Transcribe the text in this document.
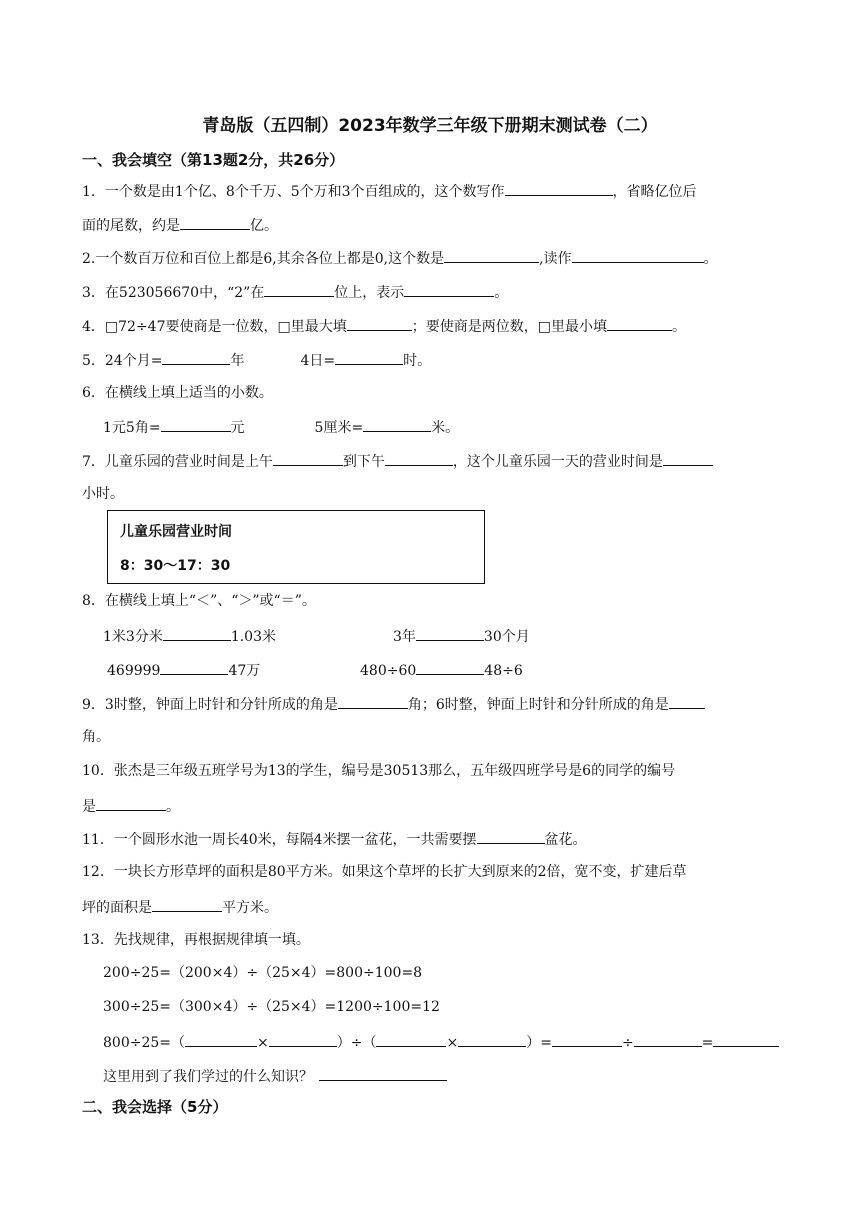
青岛版（五四制）2023年数学三年级下册期末测试卷（二）
一、我会填空（第13题2分，共26分）
1．一个数是由1个亿、8个千万、5个万和3个百组成的，这个数写作	，省略亿位后
面的尾数，约是	亿。
2.一个数百万位和百位上都是6,其余各位上都是0,这个数是	,读作	。
3．在523056670中，“2”在	位上，表示	。
4．□72÷47要使商是一位数，□里最大填	；要使商是两位数，□里最小填	。
5．24个月=	年	4日=	时。
6．在横线上填上适当的小数。
1元5角=	元	5厘米=	米。
7．儿童乐园的营业时间是上午	到下午	，这个儿童乐园一天的营业时间是
小时。
儿童乐园营业时间
8：30～17：30
8．在横线上填上“＜”、“＞”或“＝”。
1米3分米	1.03米	3年	30个月
469999	47万	480÷60	48÷6
9．3时整，钟面上时针和分针所成的角是	角；6时整，钟面上时针和分针所成的角是
角。
10．张杰是三年级五班学号为13的学生，编号是30513那么，五年级四班学号是6的同学的编号
是	。
11．一个圆形水池一周长40米，每隔4米摆一盆花，一共需要摆	盆花。
12．一块长方形草坪的面积是80平方米。如果这个草坪的长扩大到原来的2倍，宽不变，扩建后草
坪的面积是	平方米。
13．先找规律，再根据规律填一填。
200÷25=（200×4）÷（25×4）=800÷100=8
300÷25=（300×4）÷（25×4）=1200÷100=12
800÷25=（	×	）÷（	×	）=	÷	=
这里用到了我们学过的什么知识？
二、我会选择（5分）
